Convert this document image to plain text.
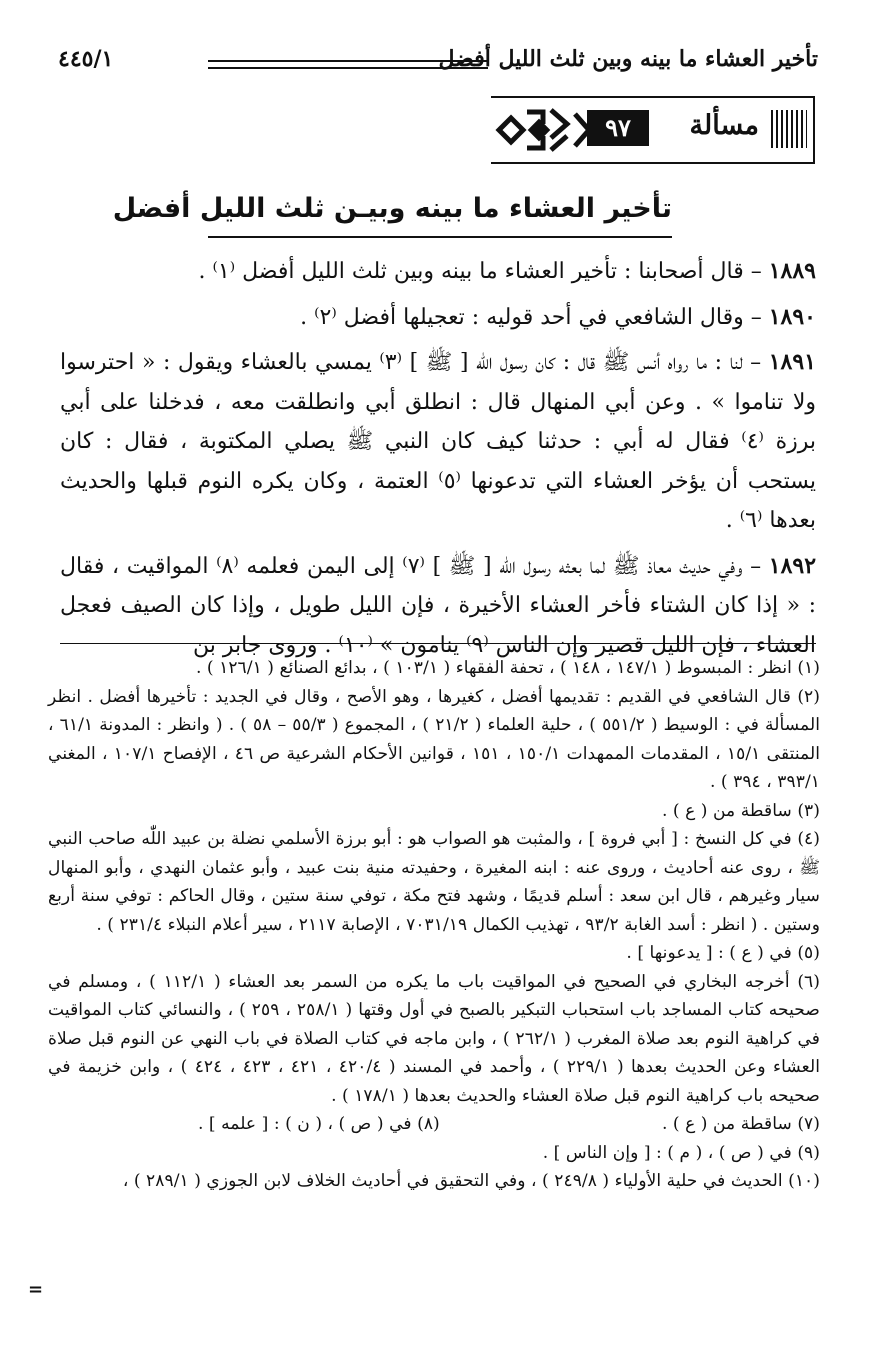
تأخير العشاء ما بينه وبين ثلث الليل أفضل
٤٤٥/١
مسألة
٩٧
تأخير العشاء ما بينه وبيـن ثلث الليل أفضل

١٨٨٩ – قال أصحابنا : تأخير العشاء ما بينه وبين ثلث الليل أفضل ⁽١⁾ .

١٨٩٠ – وقال الشافعي في أحد قوليه : تعجيلها أفضل ⁽٢⁾ .

١٨٩١ – لنا : ما رواه أنس ﷺ قال : كان رسول اللّٰه [ ﷺ ] ⁽٣⁾ يمسي بالعشاء ويقول : « احترسوا ولا تناموا » . وعن أبي المنهال قال : انطلق أبي وانطلقت معه ، فدخلنا على أبي برزة ⁽٤⁾ فقال له أبي : حدثنا كيف كان النبي ﷺ يصلي المكتوبة ، فقال : كان يستحب أن يؤخر العشاء التي تدعونها ⁽٥⁾ العتمة ، وكان يكره النوم قبلها والحديث بعدها ⁽٦⁾ .

١٨٩٢ – وفي حديث معاذ ﷺ لما بعثه رسول اللّٰه [ ﷺ ] ⁽٧⁾ إلى اليمن فعلمه ⁽٨⁾ المواقيت ، فقال : « إذا كان الشتاء فأخر العشاء الأخيرة ، فإن الليل طويل ، وإذا كان الصيف فعجل العشاء ، فإن الليل قصير وإن الناس ⁽٩⁾ ينامون » ⁽١٠⁾ . وروى جابر بن

(١) انظر : المبسوط ( ١٤٧/١ ، ١٤٨ ) ، تحفة الفقهاء ( ١٠٣/١ ) ، بدائع الصنائع ( ١٢٦/١ ) .

(٢) قال الشافعي في القديم : تقديمها أفضل ، كغيرها ، وهو الأصح ، وقال في الجديد : تأخيرها أفضل . انظر المسألة في : الوسيط ( ٥٥١/٢ ) ، حلية العلماء ( ٢١/٢ ) ، المجموع ( ٥٥/٣ – ٥٨ ) . ( وانظر : المدونة ٦١/١ ، المنتقى ١٥/١ ، المقدمات الممهدات ١٥٠/١ ، ١٥١ ، قوانين الأحكام الشرعية ص ٤٦ ، الإفصاح ١٠٧/١ ، المغني ٣٩٣/١ ، ٣٩٤ ) .

(٣) ساقطة من ( ع ) .

(٤) في كل النسخ : [ أبي فروة ] ، والمثبت هو الصواب هو : أبو برزة الأسلمي نضلة بن عبيد اللّٰه صاحب النبي ﷺ ، روى عنه أحاديث ، وروى عنه : ابنه المغيرة ، وحفيدته منية بنت عبيد ، وأبو عثمان النهدي ، وأبو المنهال سيار وغيرهم ، قال ابن سعد : أسلم قديمًا ، وشهد فتح مكة ، توفي سنة ستين ، وقال الحاكم : توفي سنة أربع وستين . ( انظر : أسد الغابة ٩٣/٢ ، تهذيب الكمال ٧٠٣١/١٩ ، الإصابة ٢١١٧ ، سير أعلام النبلاء ٢٣١/٤ ) .

(٥) في ( ع ) : [ يدعونها ] .

(٦) أخرجه البخاري في الصحيح في المواقيت باب ما يكره من السمر بعد العشاء ( ١١٢/١ ) ، ومسلم في صحيحه كتاب المساجد باب استحباب التبكير بالصبح في أول وقتها ( ٢٥٨/١ ، ٢٥٩ ) ، والنسائي كتاب المواقيت في كراهية النوم بعد صلاة المغرب ( ٢٦٢/١ ) ، وابن ماجه في كتاب الصلاة في باب النهي عن النوم قبل صلاة العشاء وعن الحديث بعدها ( ٢٢٩/١ ) ، وأحمد في المسند ( ٤٢٠/٤ ، ٤٢١ ، ٤٢٣ ، ٤٢٤ ) ، وابن خزيمة في صحيحه باب كراهية النوم قبل صلاة العشاء والحديث بعدها ( ١٧٨/١ ) .

(٧) ساقطة من ( ع ) .
(٨) في ( ص ) ، ( ن ) : [ علمه ] .

(٩) في ( ص ) ، ( م ) : [ وإن الناس ] .

(١٠) الحديث في حلية الأولياء ( ٢٤٩/٨ ) ، وفي التحقيق في أحاديث الخلاف لابن الجوزي ( ٢٨٩/١ ) ،

=
